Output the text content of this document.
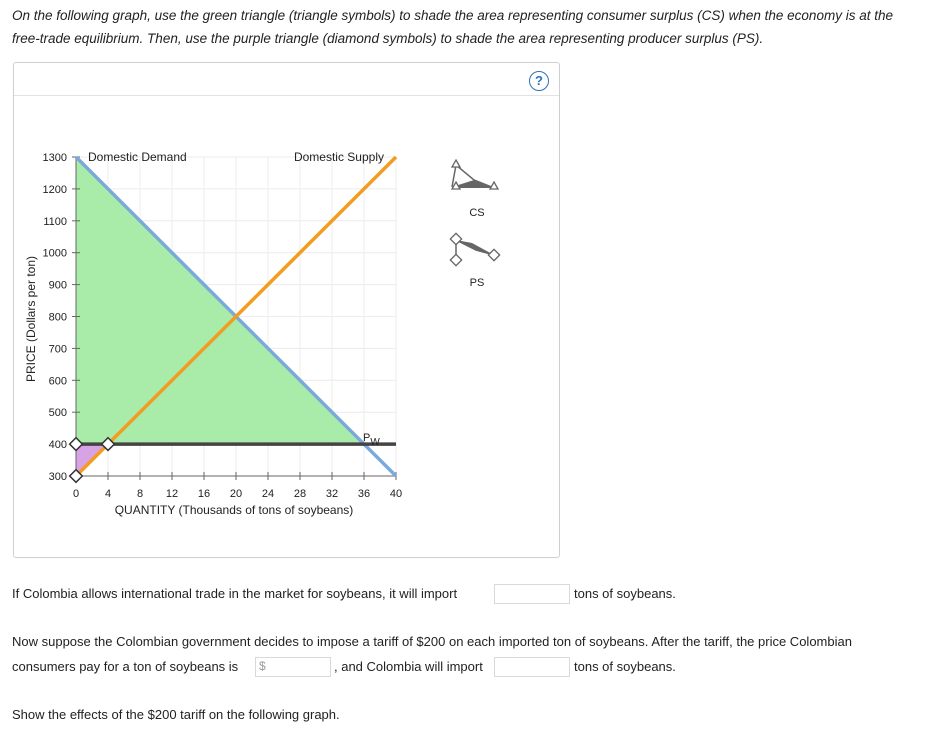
On the following graph, use the green triangle (triangle symbols) to shade the area representing consumer surplus (CS) when the economy is at the free-trade equilibrium. Then, use the purple triangle (diamond symbols) to shade the area representing producer surplus (PS).
?
0 4 8 12 16 20 24 28 32 36 40
300
400
500
600
700
800
900
1000
1100
1200
1300 Domestic Demand	Domestic Supply
PW
QUANTITY (Thousands of tons of soybeans)
PRICE (Dollars per ton)
CS
PS
If Colombia allows international trade in the market for soybeans, it will import	tons of soybeans.
Now suppose the Colombian government decides to impose a tariff of $200 on each imported ton of soybeans. After the tariff, the price Colombian
consumers pay for a ton of soybeans is $	, and Colombia will import	tons of soybeans.
Show the effects of the $200 tariff on the following graph.
